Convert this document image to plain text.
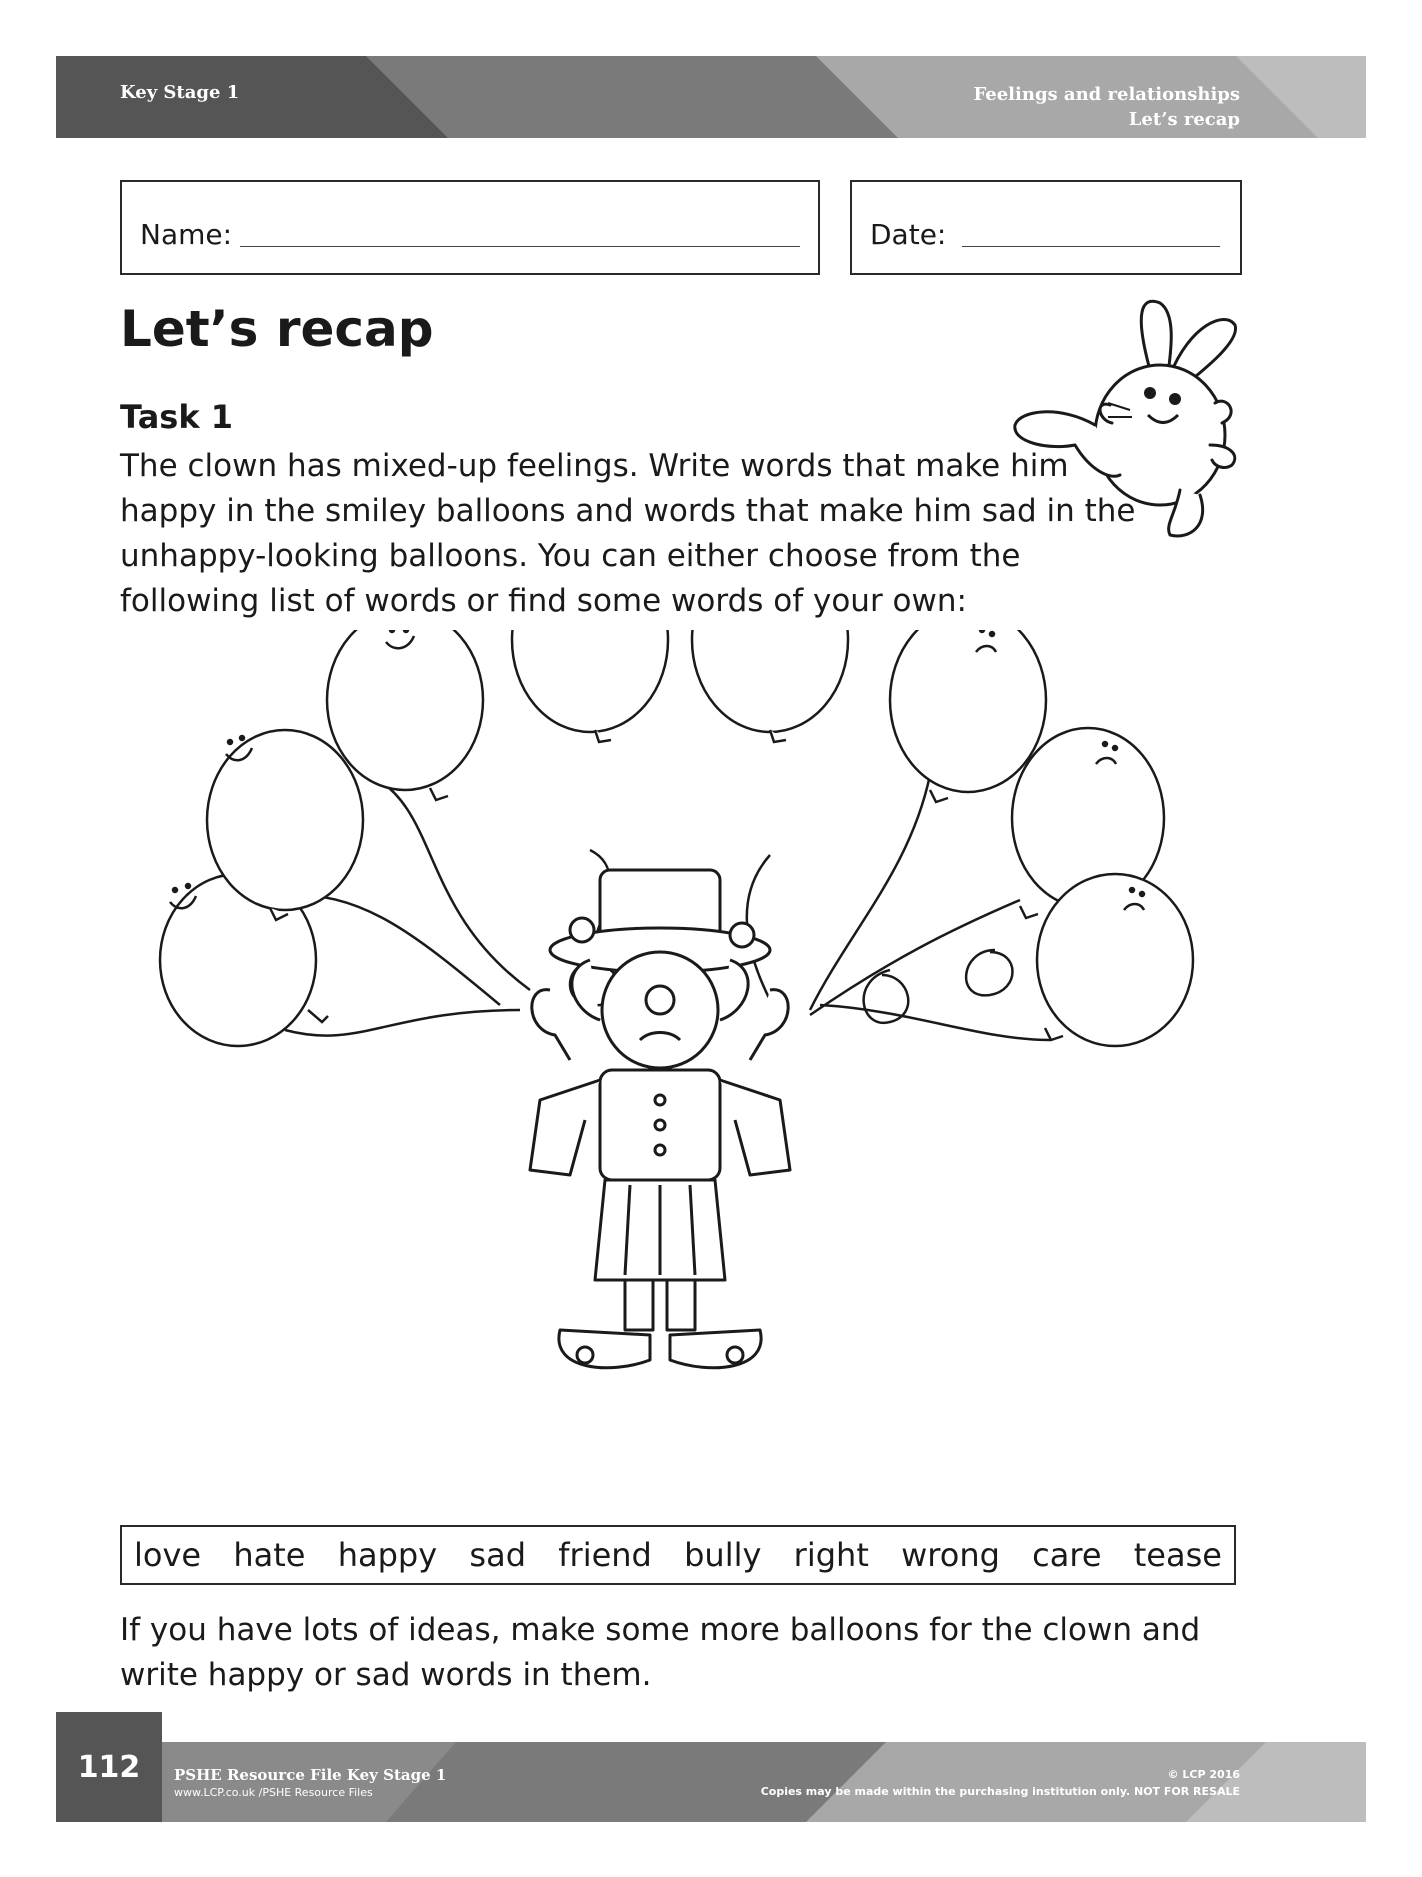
Key Stage 1	Feelings and relationships
Let’s recap
Name:	Date:
Let’s recap
Task 1
The clown has mixed-up feelings. Write words that make him happy in the smiley balloons and words that make him sad in the unhappy-looking balloons. You can either choose from the following list of words or find some words of your own:
love hate happy sad friend bully right wrong care tease
If you have lots of ideas, make some more balloons for the clown and write happy or sad words in them.
112	PSHE Resource File Key Stage 1
www.LCP.co.uk /PSHE Resource Files
© LCP 2016
Copies may be made within the purchasing institution only. NOT FOR RESALE
